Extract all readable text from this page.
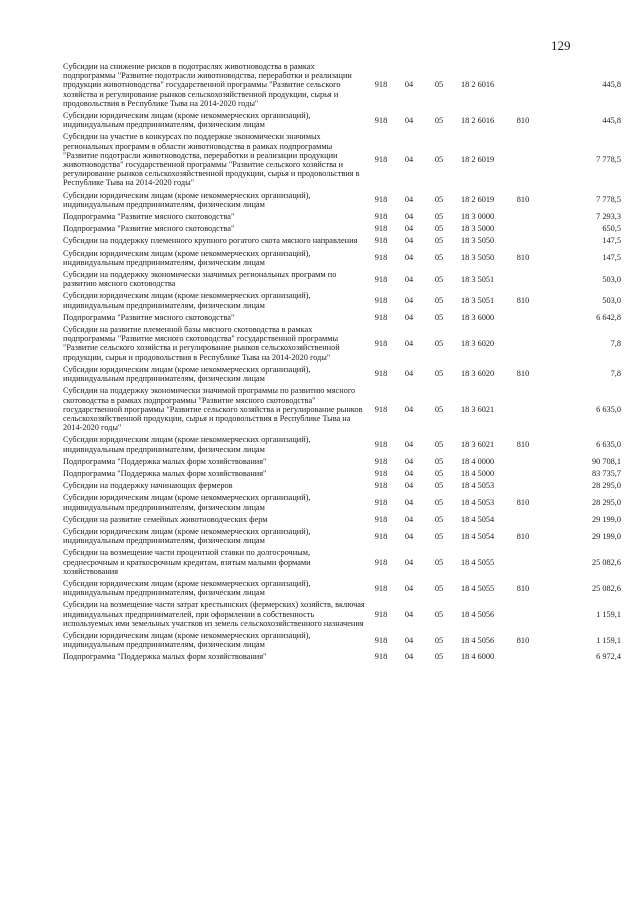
129
Субсидии на снижение рисков в подотраслях животноводства в рамках подпрограммы "Развитие подотрасли животноводства, переработки и реализации продукции животноводства" государственной программы "Развитие сельского хозяйства и регулирование рынков сельскохозяйственной продукции, сырья и продовольствия в Республике Тыва на 2014-2020 годы"	918	04	05	18 2 6016		445,8
Субсидии юридическим лицам (кроме некоммерческих организаций), индивидуальным предпринимателям, физическим лицам	918	04	05	18 2 6016	810	445,8
Субсидии на участие в конкурсах по поддержке экономически значимых региональных программ в области животноводства в рамках подпрограммы "Развитие подотрасли животноводства, переработки и реализации продукции животноводства" государственной программы "Развитие сельского хозяйства и регулирование рынков сельскохозяйственной продукции, сырья и продовольствия в Республике Тыва на 2014-2020 годы"	918	04	05	18 2 6019		7 778,5
Субсидии юридическим лицам (кроме некоммерческих организаций), индивидуальным предпринимателям, физическим лицам	918	04	05	18 2 6019	810	7 778,5
Подпрограмма "Развитие мясного скотоводства"	918	04	05	18 3 0000		7 293,3
Подпрограмма "Развитие мясного скотоводства"	918	04	05	18 3 5000		650,5
Субсидии на поддержку племенного крупного рогатого скота мясного направления	918	04	05	18 3 5050		147,5
Субсидии юридическим лицам (кроме некоммерческих организаций), индивидуальным предпринимателям, физическим лицам	918	04	05	18 3 5050	810	147,5
Субсидии на поддержку экономически значимых региональных программ по развитию мясного скотоводства	918	04	05	18 3 5051		503,0
Субсидии юридическим лицам (кроме некоммерческих организаций), индивидуальным предпринимателям, физическим лицам	918	04	05	18 3 5051	810	503,0
Подпрограмма "Развитие мясного скотоводства"	918	04	05	18 3 6000		6 642,8
Субсидии на развитие племенной базы мясного скотоводства в рамках подпрограммы "Развитие мясного скотоводства" государственной программы "Развитие сельского хозяйства и регулирование рынков сельскохозяйственной продукции, сырья и продовольствия в Республике Тыва на 2014-2020 годы"	918	04	05	18 3 6020		7,8
Субсидии юридическим лицам (кроме некоммерческих организаций), индивидуальным предпринимателям, физическим лицам	918	04	05	18 3 6020	810	7,8
Субсидии на поддержку экономически значимой программы по развитию мясного скотоводства в рамках подпрограммы "Развитие мясного скотоводства" государственной программы "Развитие сельского хозяйства и регулирование рынков сельскохозяйственной продукции, сырья и продовольствия в Республике Тыва на 2014-2020 годы"	918	04	05	18 3 6021		6 635,0
Субсидии юридическим лицам (кроме некоммерческих организаций), индивидуальным предпринимателям, физическим лицам	918	04	05	18 3 6021	810	6 635,0
Подпрограмма "Поддержка малых форм хозяйствования"	918	04	05	18 4 0000		90 708,1
Подпрограмма "Поддержка малых форм хозяйствования"	918	04	05	18 4 5000		83 735,7
Субсидии на поддержку начинающих фермеров	918	04	05	18 4 5053		28 295,0
Субсидии юридическим лицам (кроме некоммерческих организаций), индивидуальным предпринимателям, физическим лицам	918	04	05	18 4 5053	810	28 295,0
Субсидии на развитие семейных животноводческих ферм	918	04	05	18 4 5054		29 199,0
Субсидии юридическим лицам (кроме некоммерческих организаций), индивидуальным предпринимателям, физическим лицам	918	04	05	18 4 5054	810	29 199,0
Субсидии на возмещение части процентной ставки по долгосрочным, среднесрочным и краткосрочным кредитам, взятым малыми формами хозяйствования	918	04	05	18 4 5055		25 082,6
Субсидии юридическим лицам (кроме некоммерческих организаций), индивидуальным предпринимателям, физическим лицам	918	04	05	18 4 5055	810	25 082,6
Субсидии на возмещение части затрат крестьянских (фермерских) хозяйств, включая индивидуальных предпринимателей, при оформлении в собственность используемых ими земельных участков из земель сельскохозяйственного назначения	918	04	05	18 4 5056		1 159,1
Субсидии юридическим лицам (кроме некоммерческих организаций), индивидуальным предпринимателям, физическим лицам	918	04	05	18 4 5056	810	1 159,1
Подпрограмма "Поддержка малых форм хозяйствования"	918	04	05	18 4 6000		6 972,4
